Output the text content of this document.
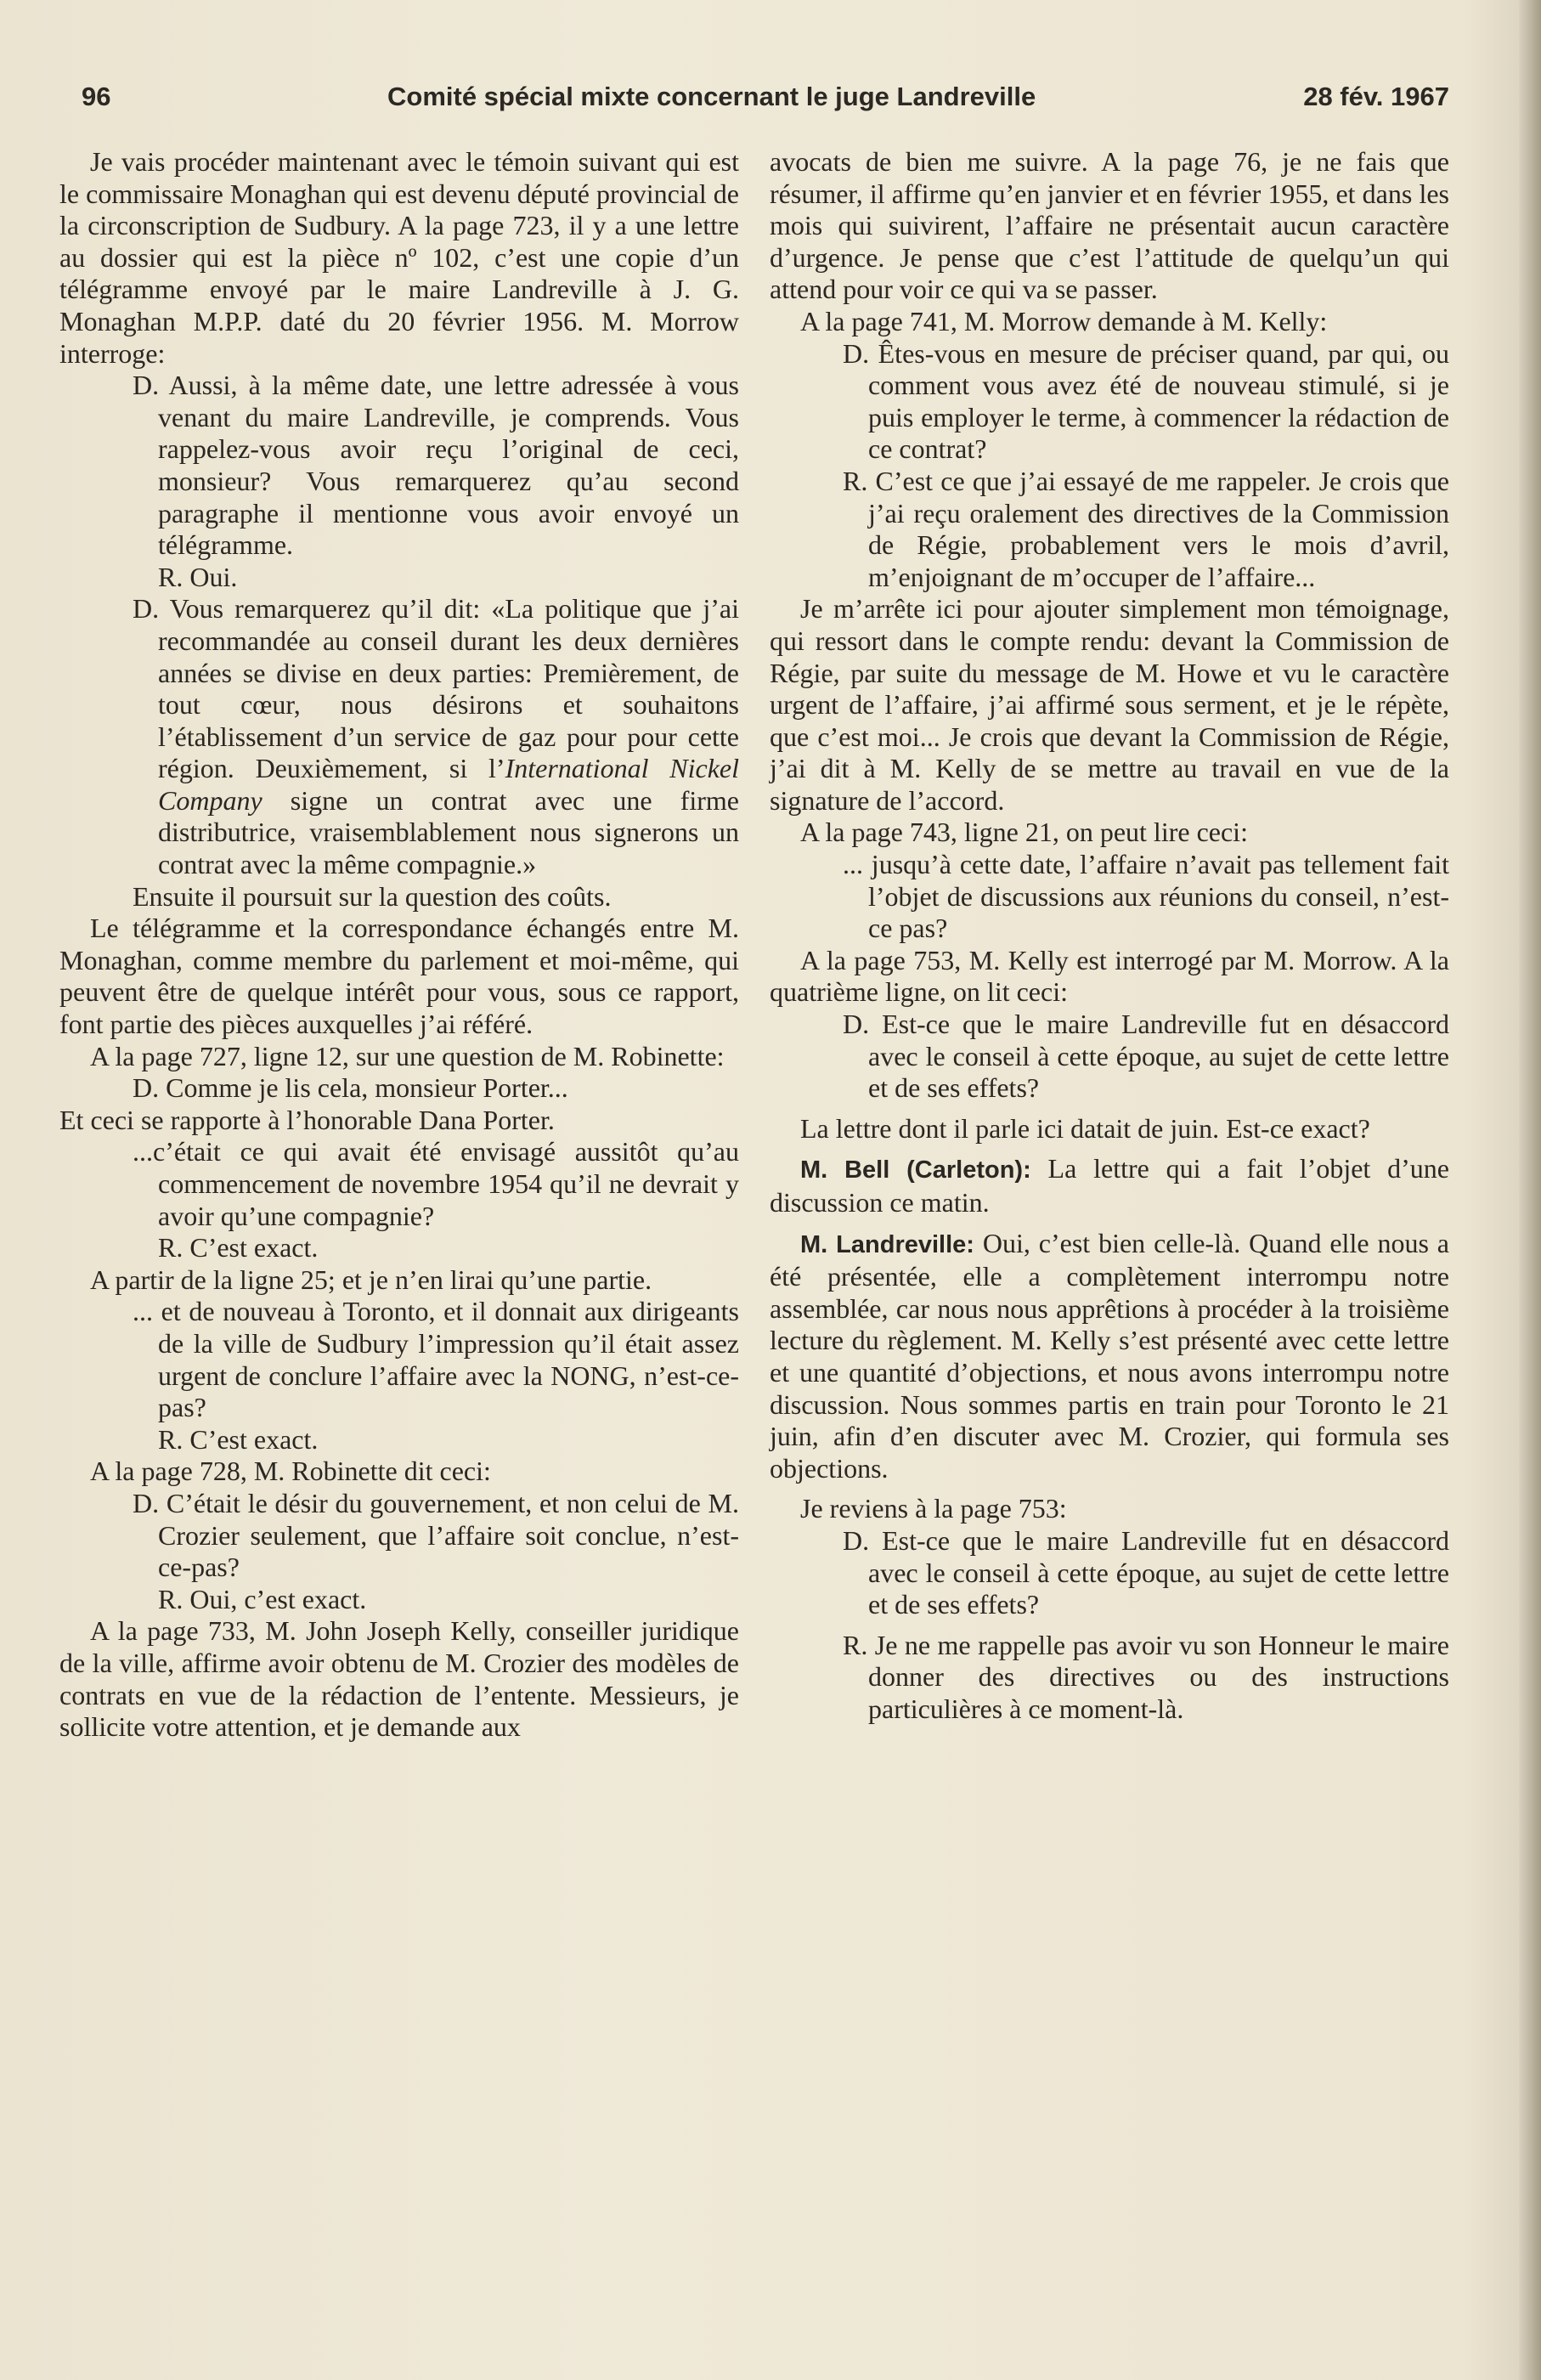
96	Comité spécial mixte concernant le juge Landreville	28 fév. 1967

Je vais procéder maintenant avec le témoin suivant qui est le commissaire Monaghan qui est devenu député provincial de la circonscription de Sudbury. A la page 723, il y a une lettre au dossier qui est la pièce nº 102, c’est une copie d’un télégramme envoyé par le maire Landreville à J. G. Monaghan M.P.P. daté du 20 février 1956. M. Morrow interroge:

D. Aussi, à la même date, une lettre adressée à vous venant du maire Landreville, je comprends. Vous rappelez-vous avoir reçu l’original de ceci, monsieur? Vous remarquerez qu’au second paragraphe il mentionne vous avoir envoyé un télégramme.

R. Oui.

D. Vous remarquerez qu’il dit: «La politique que j’ai recommandée au conseil durant les deux dernières années se divise en deux parties: Premièrement, de tout cœur, nous désirons et souhaitons l’établissement d’un service de gaz pour pour cette région. Deuxièmement, si l’International Nickel Company signe un contrat avec une firme distributrice, vraisemblablement nous signerons un contrat avec la même compagnie.»

Ensuite il poursuit sur la question des coûts.

Le télégramme et la correspondance échangés entre M. Monaghan, comme membre du parlement et moi-même, qui peuvent être de quelque intérêt pour vous, sous ce rapport, font partie des pièces auxquelles j’ai référé.

A la page 727, ligne 12, sur une question de M. Robinette:

D. Comme je lis cela, monsieur Porter...

Et ceci se rapporte à l’honorable Dana Porter.

...c’était ce qui avait été envisagé aussitôt qu’au commencement de novembre 1954 qu’il ne devrait y avoir qu’une compagnie?

R. C’est exact.

A partir de la ligne 25; et je n’en lirai qu’une partie.

... et de nouveau à Toronto, et il donnait aux dirigeants de la ville de Sudbury l’impression qu’il était assez urgent de conclure l’affaire avec la NONG, n’est-ce-pas?

R. C’est exact.

A la page 728, M. Robinette dit ceci:

D. C’était le désir du gouvernement, et non celui de M. Crozier seulement, que l’affaire soit conclue, n’est-ce-pas?

R. Oui, c’est exact.

A la page 733, M. John Joseph Kelly, conseiller juridique de la ville, affirme avoir obtenu de M. Crozier des modèles de contrats en vue de la rédaction de l’entente. Messieurs, je sollicite votre attention, et je demande aux

avocats de bien me suivre. A la page 76, je ne fais que résumer, il affirme qu’en janvier et en février 1955, et dans les mois qui suivirent, l’affaire ne présentait aucun caractère d’urgence. Je pense que c’est l’attitude de quelqu’un qui attend pour voir ce qui va se passer.

A la page 741, M. Morrow demande à M. Kelly:

D. Êtes-vous en mesure de préciser quand, par qui, ou comment vous avez été de nouveau stimulé, si je puis employer le terme, à commencer la rédaction de ce contrat?

R. C’est ce que j’ai essayé de me rappeler. Je crois que j’ai reçu oralement des directives de la Commission de Régie, probablement vers le mois d’avril, m’enjoignant de m’occuper de l’affaire...

Je m’arrête ici pour ajouter simplement mon témoignage, qui ressort dans le compte rendu: devant la Commission de Régie, par suite du message de M. Howe et vu le caractère urgent de l’affaire, j’ai affirmé sous serment, et je le répète, que c’est moi... Je crois que devant la Commission de Régie, j’ai dit à M. Kelly de se mettre au travail en vue de la signature de l’accord.

A la page 743, ligne 21, on peut lire ceci:

... jusqu’à cette date, l’affaire n’avait pas tellement fait l’objet de discussions aux réunions du conseil, n’est-ce pas?

A la page 753, M. Kelly est interrogé par M. Morrow. A la quatrième ligne, on lit ceci:

D. Est-ce que le maire Landreville fut en désaccord avec le conseil à cette époque, au sujet de cette lettre et de ses effets?

La lettre dont il parle ici datait de juin. Est-ce exact?

M. Bell (Carleton): La lettre qui a fait l’objet d’une discussion ce matin.

M. Landreville: Oui, c’est bien celle-là. Quand elle nous a été présentée, elle a complètement interrompu notre assemblée, car nous nous apprêtions à procéder à la troisième lecture du règlement. M. Kelly s’est présenté avec cette lettre et une quantité d’objections, et nous avons interrompu notre discussion. Nous sommes partis en train pour Toronto le 21 juin, afin d’en discuter avec M. Crozier, qui formula ses objections.

Je reviens à la page 753:

D. Est-ce que le maire Landreville fut en désaccord avec le conseil à cette époque, au sujet de cette lettre et de ses effets?

R. Je ne me rappelle pas avoir vu son Honneur le maire donner des directives ou des instructions particulières à ce moment-là.
